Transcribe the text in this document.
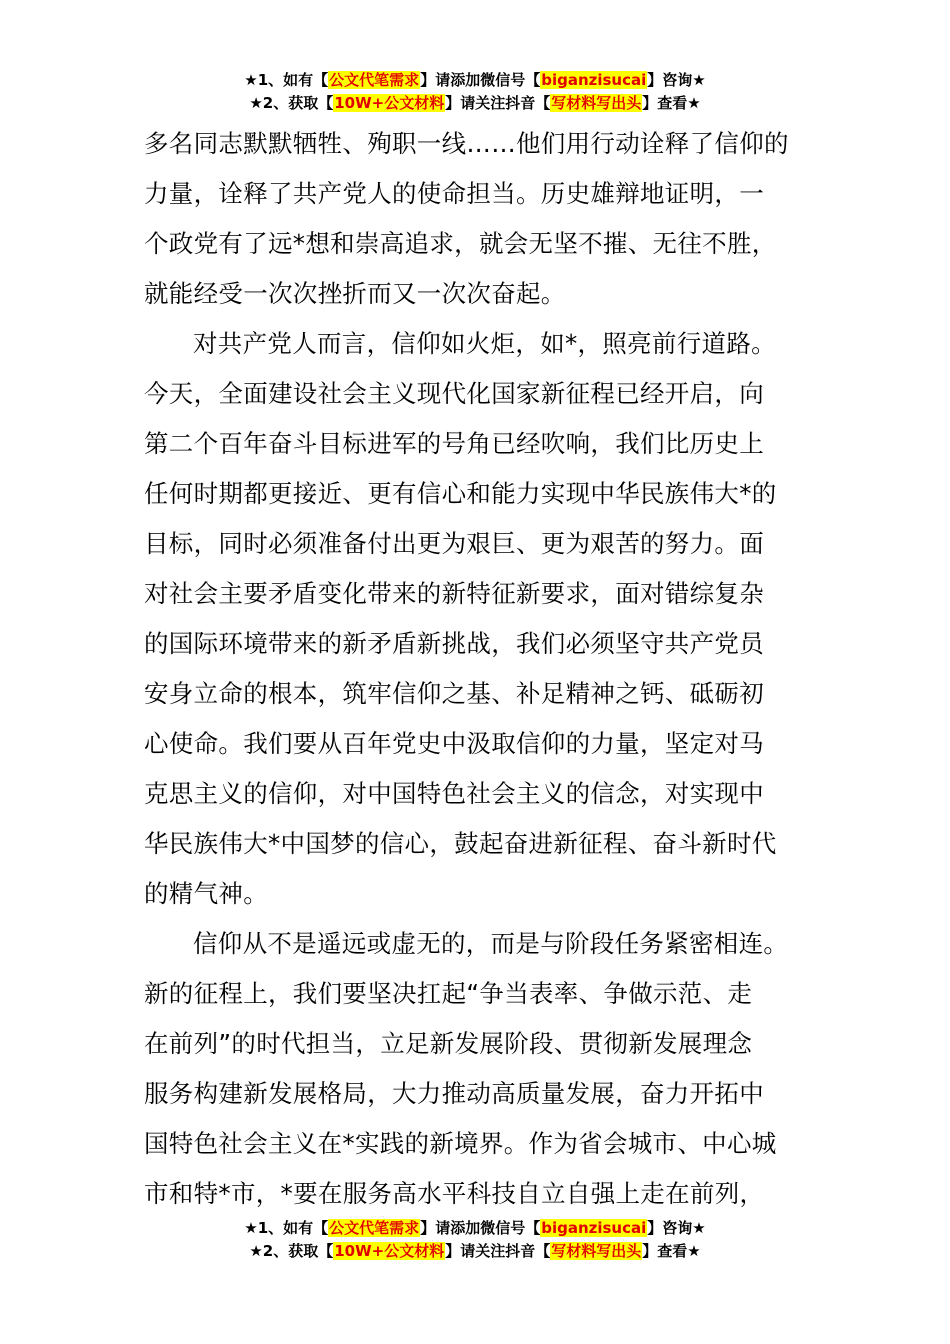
★1、如有【公文代笔需求】请添加微信号【biganzisucai】咨询★
★2、获取【10W+公文材料】请关注抖音【写材料写出头】查看★
多名同志默默牺牲、殉职一线……他们用行动诠释了信仰的
力量，诠释了共产党人的使命担当。历史雄辩地证明，一
个政党有了远*想和崇高追求，就会无坚不摧、无往不胜，
就能经受一次次挫折而又一次次奋起。
对共产党人而言，信仰如火炬，如*，照亮前行道路。
今天，全面建设社会主义现代化国家新征程已经开启，向
第二个百年奋斗目标进军的号角已经吹响，我们比历史上
任何时期都更接近、更有信心和能力实现中华民族伟大*的
目标，同时必须准备付出更为艰巨、更为艰苦的努力。面
对社会主要矛盾变化带来的新特征新要求，面对错综复杂
的国际环境带来的新矛盾新挑战，我们必须坚守共产党员
安身立命的根本，筑牢信仰之基、补足精神之钙、砥砺初
心使命。我们要从百年党史中汲取信仰的力量，坚定对马
克思主义的信仰，对中国特色社会主义的信念，对实现中
华民族伟大*中国梦的信心，鼓起奋进新征程、奋斗新时代
的精气神。
信仰从不是遥远或虚无的，而是与阶段任务紧密相连。
新的征程上，我们要坚决扛起“争当表率、争做示范、走
在前列”的时代担当，立足新发展阶段、贯彻新发展理念
服务构建新发展格局，大力推动高质量发展，奋力开拓中
国特色社会主义在*实践的新境界。作为省会城市、中心城
市和特*市，*要在服务高水平科技自立自强上走在前列，
★1、如有【公文代笔需求】请添加微信号【biganzisucai】咨询★
★2、获取【10W+公文材料】请关注抖音【写材料写出头】查看★
